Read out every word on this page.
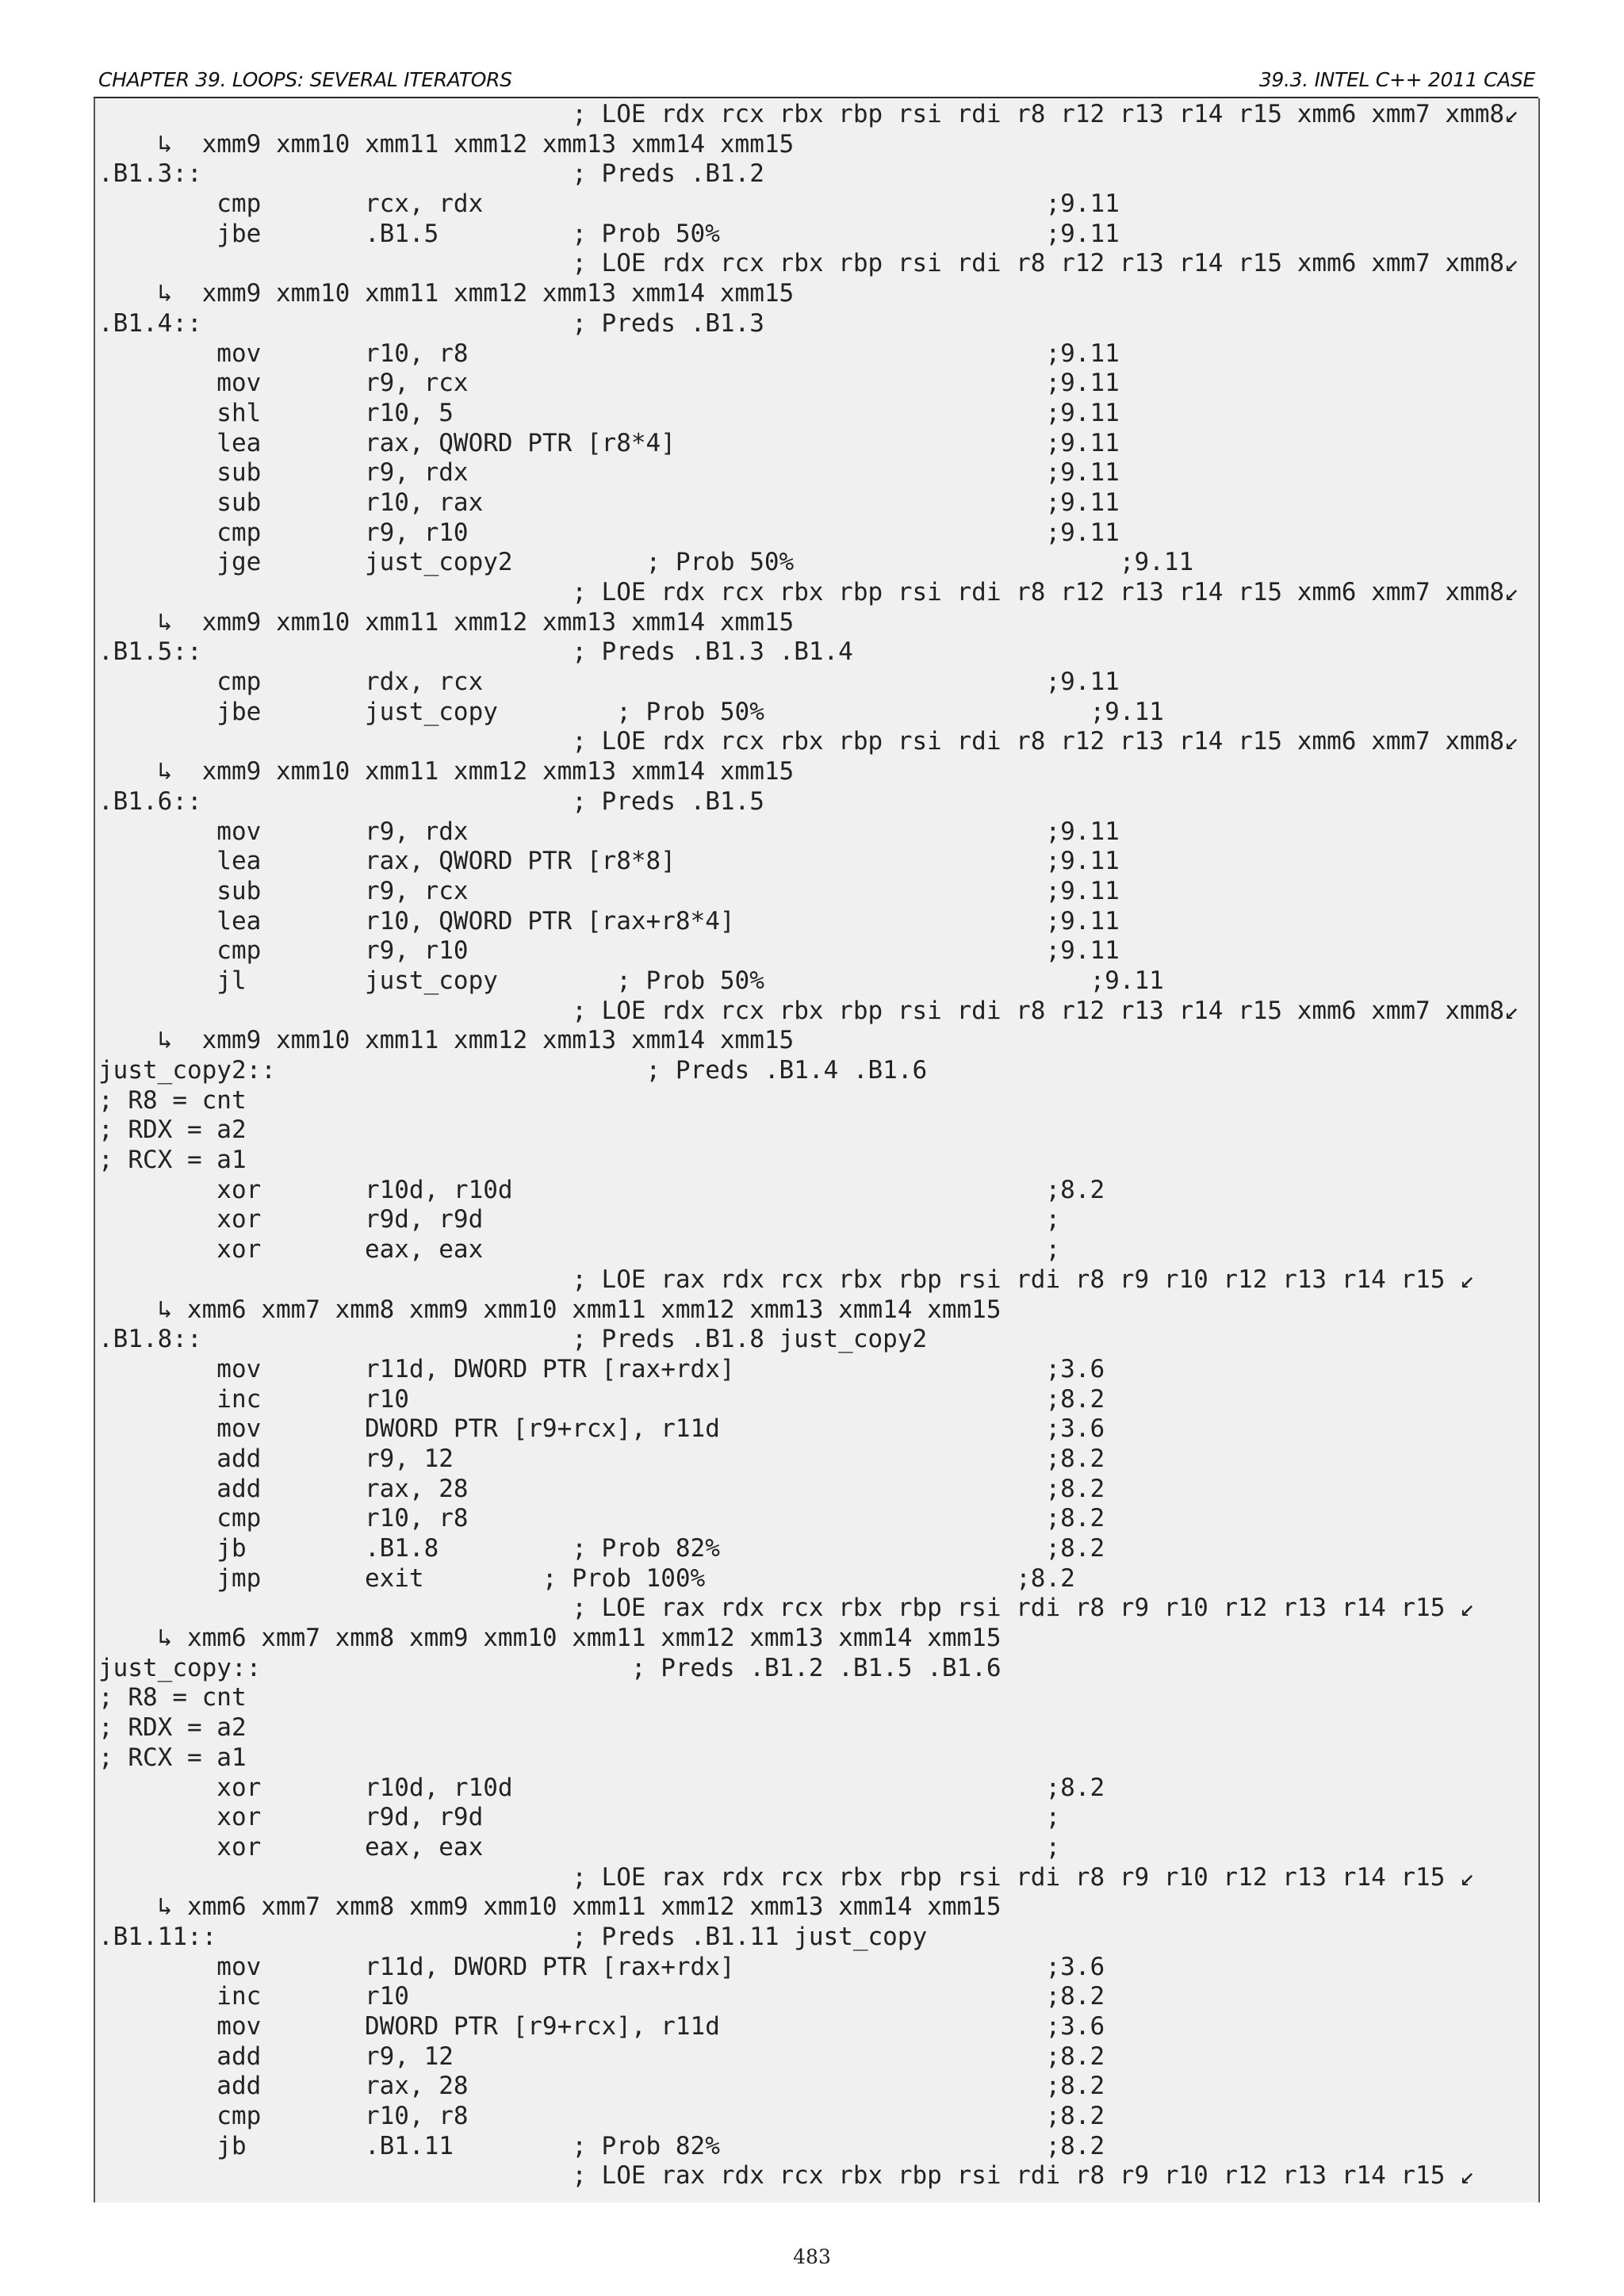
CHAPTER 39. LOOPS: SEVERAL ITERATORS	39.3. INTEL C++ 2011 CASE
; LOE rdx rcx rbx rbp rsi rdi r8 r12 r13 r14 r15 xmm6 xmm7 xmm8↙
↳  xmm9 xmm10 xmm11 xmm12 xmm13 xmm14 xmm15
.B1.3::                         ; Preds .B1.2
cmp       rcx, rdx                                      ;9.11
jbe       .B1.5         ; Prob 50%                      ;9.11
; LOE rdx rcx rbx rbp rsi rdi r8 r12 r13 r14 r15 xmm6 xmm7 xmm8↙
↳  xmm9 xmm10 xmm11 xmm12 xmm13 xmm14 xmm15
.B1.4::                         ; Preds .B1.3
mov       r10, r8                                       ;9.11
mov       r9, rcx                                       ;9.11
shl       r10, 5                                        ;9.11
lea       rax, QWORD PTR [r8*4]                         ;9.11
sub       r9, rdx                                       ;9.11
sub       r10, rax                                      ;9.11
cmp       r9, r10                                       ;9.11
jge       just_copy2         ; Prob 50%                      ;9.11
; LOE rdx rcx rbx rbp rsi rdi r8 r12 r13 r14 r15 xmm6 xmm7 xmm8↙
↳  xmm9 xmm10 xmm11 xmm12 xmm13 xmm14 xmm15
.B1.5::                         ; Preds .B1.3 .B1.4
cmp       rdx, rcx                                      ;9.11
jbe       just_copy        ; Prob 50%                      ;9.11
; LOE rdx rcx rbx rbp rsi rdi r8 r12 r13 r14 r15 xmm6 xmm7 xmm8↙
↳  xmm9 xmm10 xmm11 xmm12 xmm13 xmm14 xmm15
.B1.6::                         ; Preds .B1.5
mov       r9, rdx                                       ;9.11
lea       rax, QWORD PTR [r8*8]                         ;9.11
sub       r9, rcx                                       ;9.11
lea       r10, QWORD PTR [rax+r8*4]                     ;9.11
cmp       r9, r10                                       ;9.11
jl        just_copy        ; Prob 50%                      ;9.11
; LOE rdx rcx rbx rbp rsi rdi r8 r12 r13 r14 r15 xmm6 xmm7 xmm8↙
↳  xmm9 xmm10 xmm11 xmm12 xmm13 xmm14 xmm15
just_copy2::                         ; Preds .B1.4 .B1.6
; R8 = cnt
; RDX = a2
; RCX = a1
xor       r10d, r10d                                    ;8.2
xor       r9d, r9d                                      ;
xor       eax, eax                                      ;
; LOE rax rdx rcx rbx rbp rsi rdi r8 r9 r10 r12 r13 r14 r15 ↙
↳ xmm6 xmm7 xmm8 xmm9 xmm10 xmm11 xmm12 xmm13 xmm14 xmm15
.B1.8::                         ; Preds .B1.8 just_copy2
mov       r11d, DWORD PTR [rax+rdx]                     ;3.6
inc       r10                                           ;8.2
mov       DWORD PTR [r9+rcx], r11d                      ;3.6
add       r9, 12                                        ;8.2
add       rax, 28                                       ;8.2
cmp       r10, r8                                       ;8.2
jb        .B1.8         ; Prob 82%                      ;8.2
jmp       exit        ; Prob 100%                     ;8.2
; LOE rax rdx rcx rbx rbp rsi rdi r8 r9 r10 r12 r13 r14 r15 ↙
↳ xmm6 xmm7 xmm8 xmm9 xmm10 xmm11 xmm12 xmm13 xmm14 xmm15
just_copy::                         ; Preds .B1.2 .B1.5 .B1.6
; R8 = cnt
; RDX = a2
; RCX = a1
xor       r10d, r10d                                    ;8.2
xor       r9d, r9d                                      ;
xor       eax, eax                                      ;
; LOE rax rdx rcx rbx rbp rsi rdi r8 r9 r10 r12 r13 r14 r15 ↙
↳ xmm6 xmm7 xmm8 xmm9 xmm10 xmm11 xmm12 xmm13 xmm14 xmm15
.B1.11::                        ; Preds .B1.11 just_copy
mov       r11d, DWORD PTR [rax+rdx]                     ;3.6
inc       r10                                           ;8.2
mov       DWORD PTR [r9+rcx], r11d                      ;3.6
add       r9, 12                                        ;8.2
add       rax, 28                                       ;8.2
cmp       r10, r8                                       ;8.2
jb        .B1.11        ; Prob 82%                      ;8.2
; LOE rax rdx rcx rbx rbp rsi rdi r8 r9 r10 r12 r13 r14 r15 ↙
483
